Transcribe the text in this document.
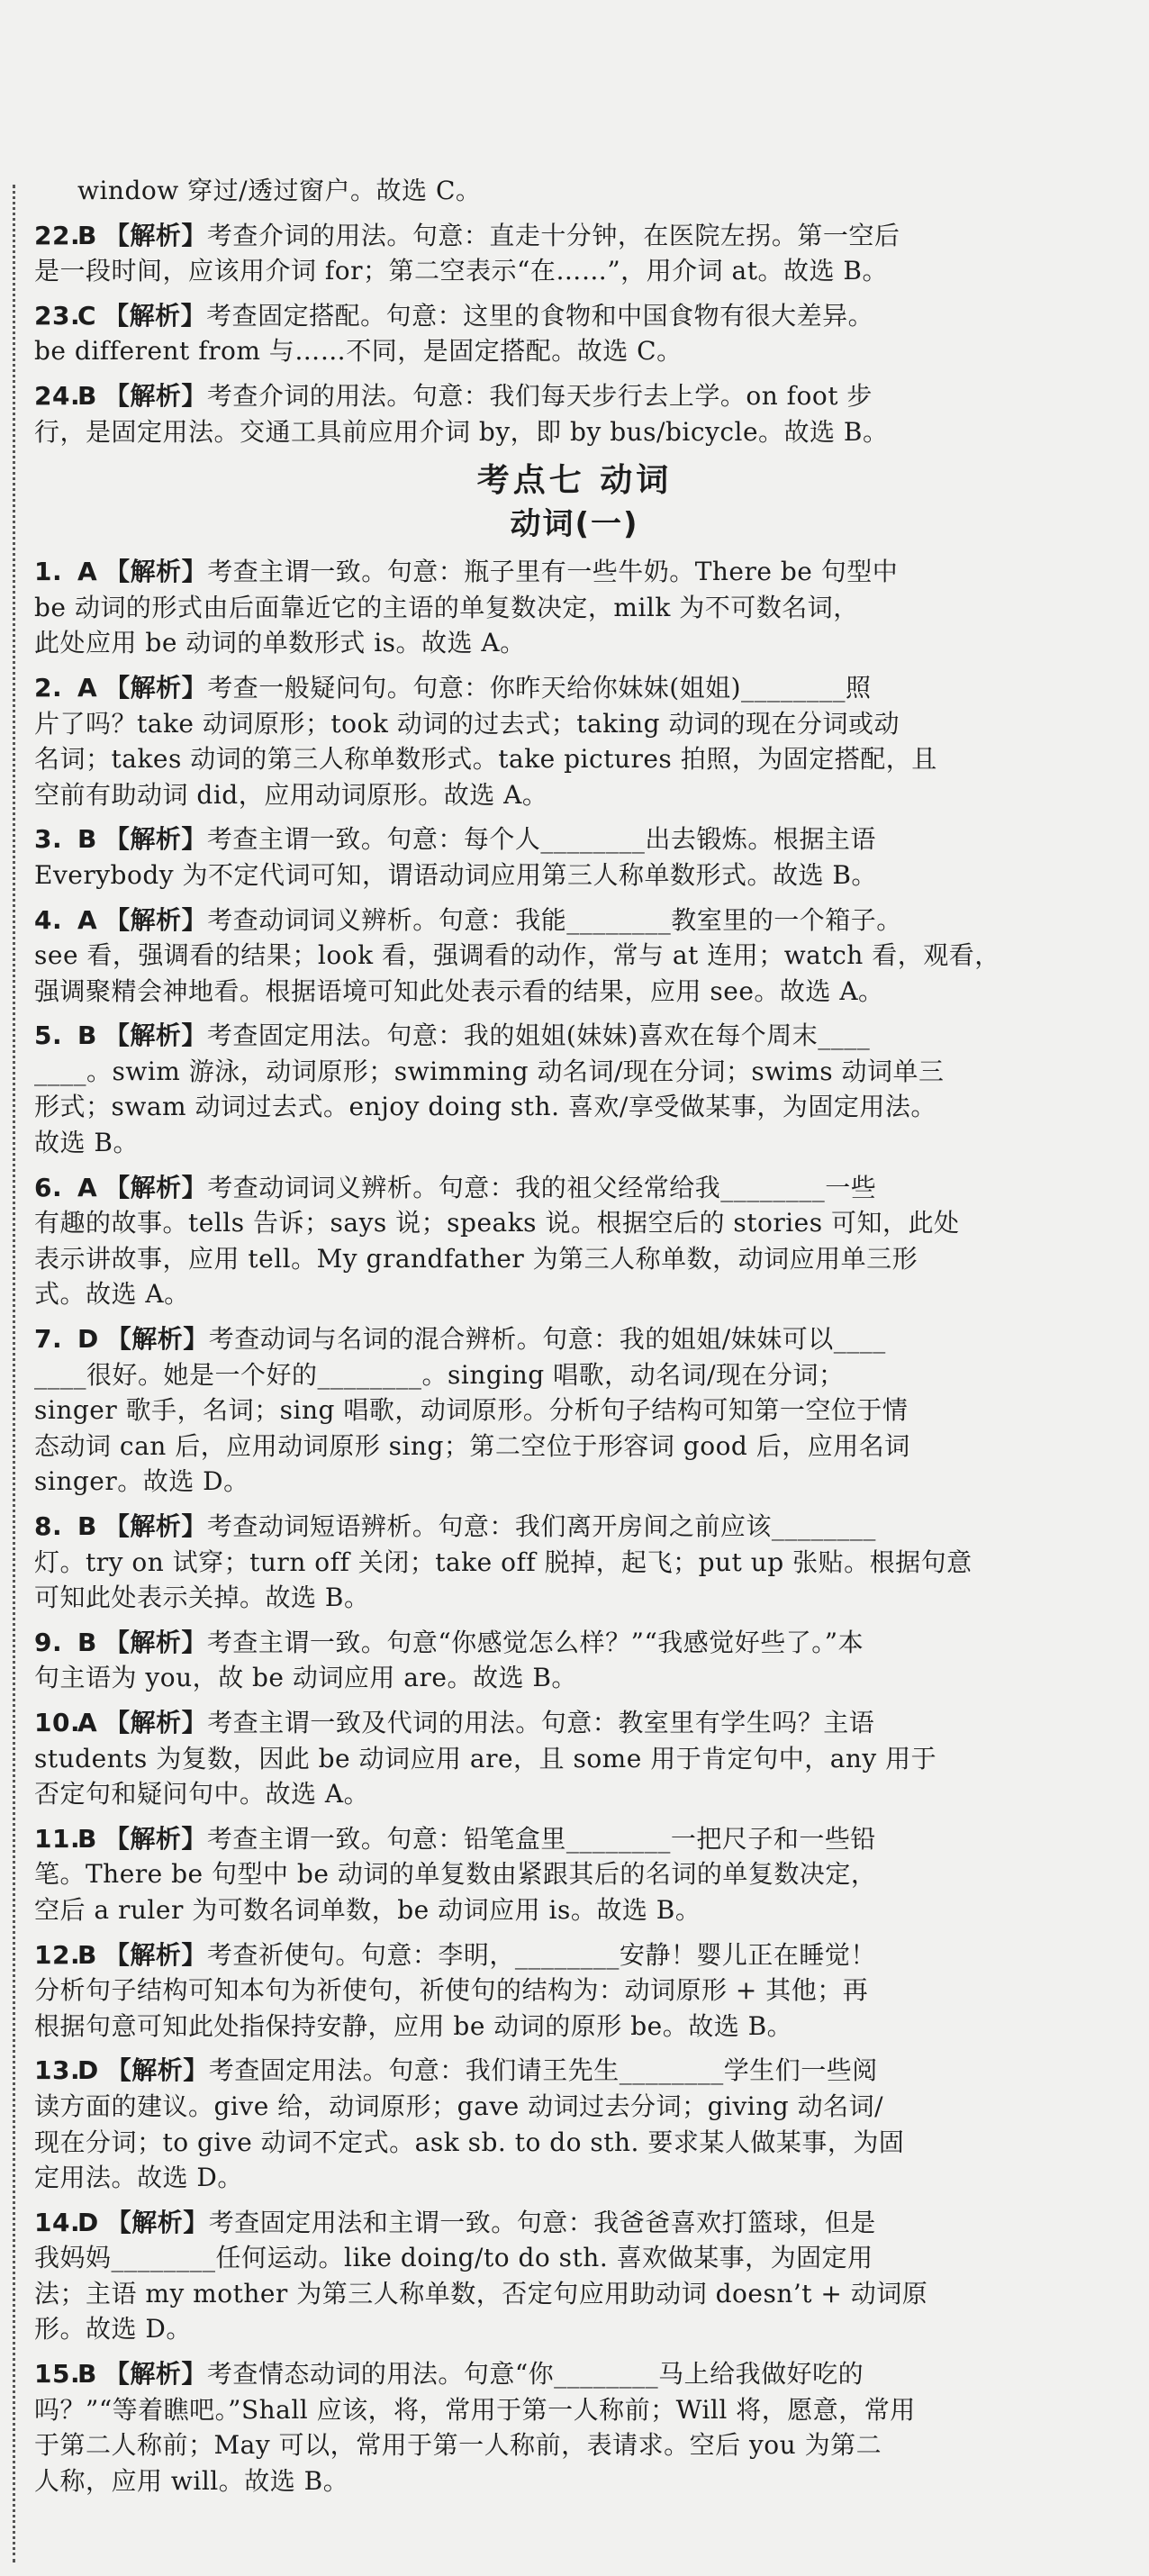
window 穿过/透过窗户。故选 C。
22.B 【解析】考查介词的用法。句意：直走十分钟，在医院左拐。第一空后
是一段时间，应该用介词 for；第二空表示“在……”，用介词 at。故选 B。
23.C 【解析】考查固定搭配。句意：这里的食物和中国食物有很大差异。
be different from 与……不同，是固定搭配。故选 C。
24.B 【解析】考查介词的用法。句意：我们每天步行去上学。on foot 步
行，是固定用法。交通工具前应用介词 by，即 by bus/bicycle。故选 B。
考点七 动词
动词(一)
1. A 【解析】考查主谓一致。句意：瓶子里有一些牛奶。There be 句型中
be 动词的形式由后面靠近它的主语的单复数决定，milk 为不可数名词，
此处应用 be 动词的单数形式 is。故选 A。
2. A 【解析】考查一般疑问句。句意：你昨天给你妹妹(姐姐)________照
片了吗？take 动词原形；took 动词的过去式；taking 动词的现在分词或动
名词；takes 动词的第三人称单数形式。take pictures 拍照，为固定搭配，且
空前有助动词 did，应用动词原形。故选 A。
3. B 【解析】考查主谓一致。句意：每个人________出去锻炼。根据主语
Everybody 为不定代词可知，谓语动词应用第三人称单数形式。故选 B。
4. A 【解析】考查动词词义辨析。句意：我能________教室里的一个箱子。
see 看，强调看的结果；look 看，强调看的动作，常与 at 连用；watch 看，观看，
强调聚精会神地看。根据语境可知此处表示看的结果，应用 see。故选 A。
5. B 【解析】考查固定用法。句意：我的姐姐(妹妹)喜欢在每个周末____
____。swim 游泳，动词原形；swimming 动名词/现在分词；swims 动词单三
形式；swam 动词过去式。enjoy doing sth. 喜欢/享受做某事，为固定用法。
故选 B。
6. A 【解析】考查动词词义辨析。句意：我的祖父经常给我________一些
有趣的故事。tells 告诉；says 说；speaks 说。根据空后的 stories 可知，此处
表示讲故事，应用 tell。My grandfather 为第三人称单数，动词应用单三形
式。故选 A。
7. D 【解析】考查动词与名词的混合辨析。句意：我的姐姐/妹妹可以____
____很好。她是一个好的________。singing 唱歌，动名词/现在分词；
singer 歌手，名词；sing 唱歌，动词原形。分析句子结构可知第一空位于情
态动词 can 后，应用动词原形 sing；第二空位于形容词 good 后，应用名词
singer。故选 D。
8. B 【解析】考查动词短语辨析。句意：我们离开房间之前应该________
灯。try on 试穿；turn off 关闭；take off 脱掉，起飞；put up 张贴。根据句意
可知此处表示关掉。故选 B。
9. B 【解析】考查主谓一致。句意“你感觉怎么样？”“我感觉好些了。”本
句主语为 you，故 be 动词应用 are。故选 B。
10.A 【解析】考查主谓一致及代词的用法。句意：教室里有学生吗？主语
students 为复数，因此 be 动词应用 are，且 some 用于肯定句中，any 用于
否定句和疑问句中。故选 A。
11.B 【解析】考查主谓一致。句意：铅笔盒里________一把尺子和一些铅
笔。There be 句型中 be 动词的单复数由紧跟其后的名词的单复数决定，
空后 a ruler 为可数名词单数，be 动词应用 is。故选 B。
12.B 【解析】考查祈使句。句意：李明，________安静！婴儿正在睡觉！
分析句子结构可知本句为祈使句，祈使句的结构为：动词原形 + 其他；再
根据句意可知此处指保持安静，应用 be 动词的原形 be。故选 B。
13.D 【解析】考查固定用法。句意：我们请王先生________学生们一些阅
读方面的建议。give 给，动词原形；gave 动词过去分词；giving 动名词/
现在分词；to give 动词不定式。ask sb. to do sth. 要求某人做某事，为固
定用法。故选 D。
14.D 【解析】考查固定用法和主谓一致。句意：我爸爸喜欢打篮球，但是
我妈妈________任何运动。like doing/to do sth. 喜欢做某事，为固定用
法；主语 my mother 为第三人称单数，否定句应用助动词 doesn’t + 动词原
形。故选 D。
15.B 【解析】考查情态动词的用法。句意“你________马上给我做好吃的
吗？”“等着瞧吧。”Shall 应该，将，常用于第一人称前；Will 将，愿意，常用
于第二人称前；May 可以，常用于第一人称前，表请求。空后 you 为第二
人称，应用 will。故选 B。
